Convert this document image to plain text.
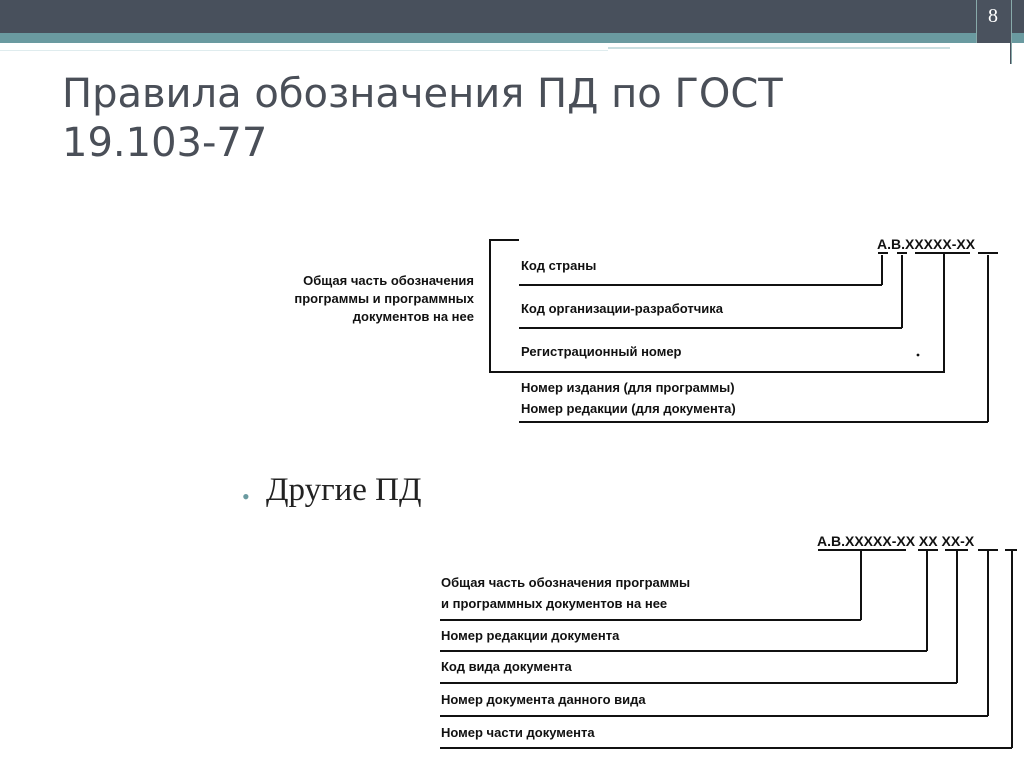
8
Правила обозначения ПД по ГОСТ
19.103-77
А.В.ХХХХХ-ХХ
Общая часть обозначения
программы и программных
документов на нее
Код страны
Код организации-разработчика
Регистрационный номер
Номер издания (для программы)
Номер редакции (для документа)
А.В.ХХХХХ-ХХ ХХ ХХ-Х
Общая часть обозначения программы
и программных документов на нее
Номер редакции документа
Код вида документа
Номер документа данного вида
Номер части документа
• Другие ПД
